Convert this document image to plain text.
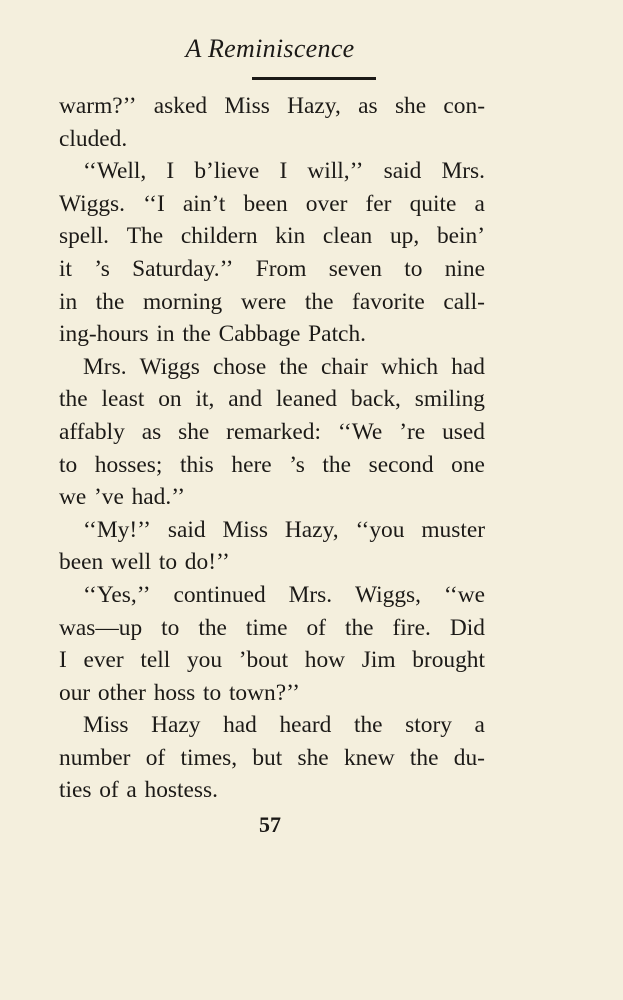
A Reminiscence
warm?’’ asked Miss Hazy, as she con-
cluded.
‘‘Well, I b’lieve I will,’’ said Mrs.
Wiggs. ‘‘I ain’t been over fer quite a
spell. The childern kin clean up, bein’
it ’s Saturday.’’ From seven to nine
in the morning were the favorite call-
ing-hours in the Cabbage Patch.
Mrs. Wiggs chose the chair which had
the least on it, and leaned back, smiling
affably as she remarked: ‘‘We ’re used
to hosses; this here ’s the second one
we ’ve had.’’
‘‘My!’’ said Miss Hazy, ‘‘you muster
been well to do!’’
‘‘Yes,’’ continued Mrs. Wiggs, ‘‘we
was—up to the time of the fire. Did
I ever tell you ’bout how Jim brought
our other hoss to town?’’
Miss Hazy had heard the story a
number of times, but she knew the du-
ties of a hostess.
57
